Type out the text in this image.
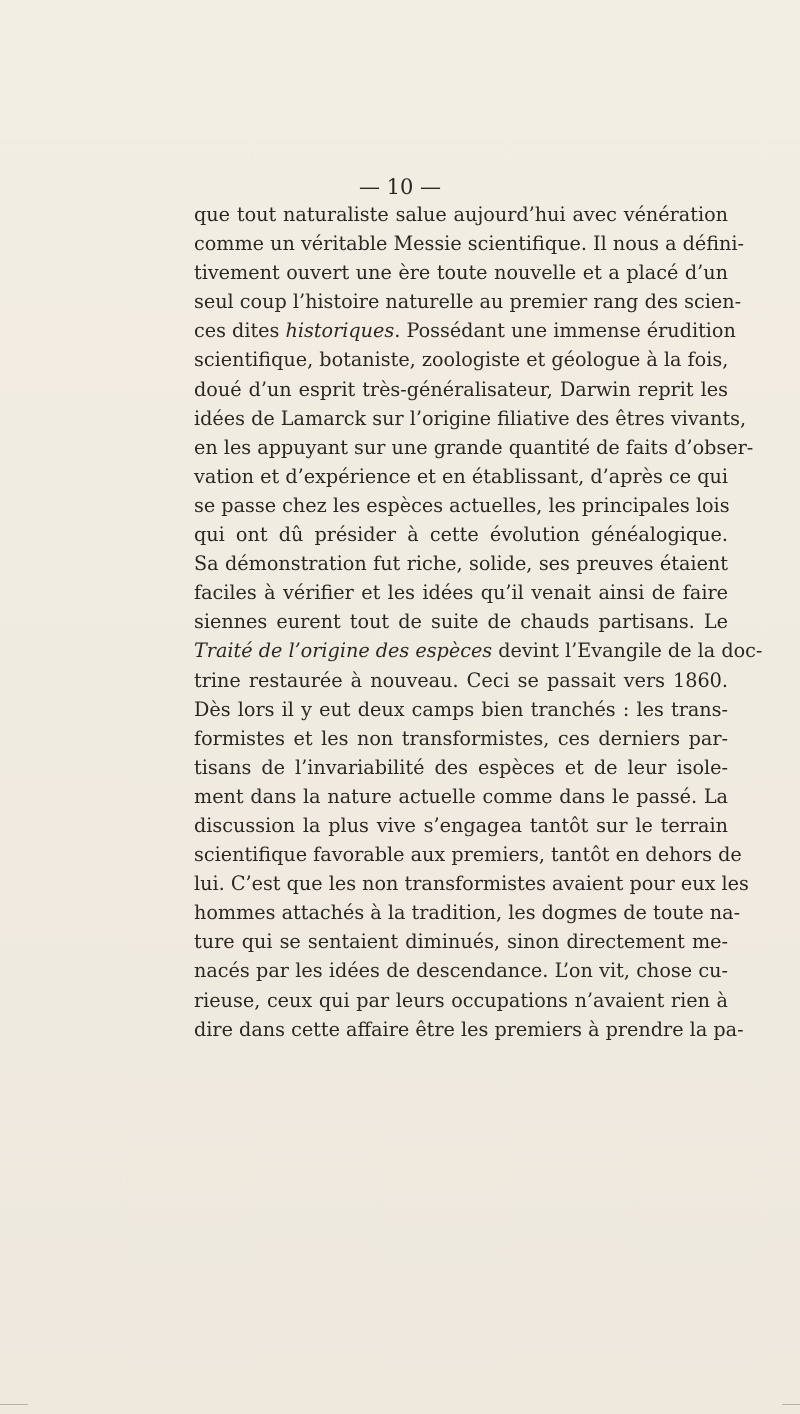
— 10 —
que tout naturaliste salue aujourd’hui avec vénération
comme un véritable Messie scientifique. Il nous a défini-
tivement ouvert une ère toute nouvelle et a placé d’un
seul coup l’histoire naturelle au premier rang des scien-
ces dites historiques. Possédant une immense érudition
scientifique, botaniste, zoologiste et géologue à la fois,
doué d’un esprit très-généralisateur, Darwin reprit les
idées de Lamarck sur l’origine filiative des êtres vivants,
en les appuyant sur une grande quantité de faits d’obser-
vation et d’expérience et en établissant, d’après ce qui
se passe chez les espèces actuelles, les principales lois
qui ont dû présider à cette évolution généalogique.
Sa démonstration fut riche, solide, ses preuves étaient
faciles à vérifier et les idées qu’il venait ainsi de faire
siennes eurent tout de suite de chauds partisans. Le
Traité de l’origine des espèces devint l’Evangile de la doc-
trine restaurée à nouveau. Ceci se passait vers 1860.
Dès lors il y eut deux camps bien tranchés : les trans-
formistes et les non transformistes, ces derniers par-
tisans de l’invariabilité des espèces et de leur isole-
ment dans la nature actuelle comme dans le passé. La
discussion la plus vive s’engagea tantôt sur le terrain
scientifique favorable aux premiers, tantôt en dehors de
lui. C’est que les non transformistes avaient pour eux les
hommes attachés à la tradition, les dogmes de toute na-
ture qui se sentaient diminués, sinon directement me-
nacés par les idées de descendance. L’on vit, chose cu-
rieuse, ceux qui par leurs occupations n’avaient rien à
dire dans cette affaire être les premiers à prendre la pa-
